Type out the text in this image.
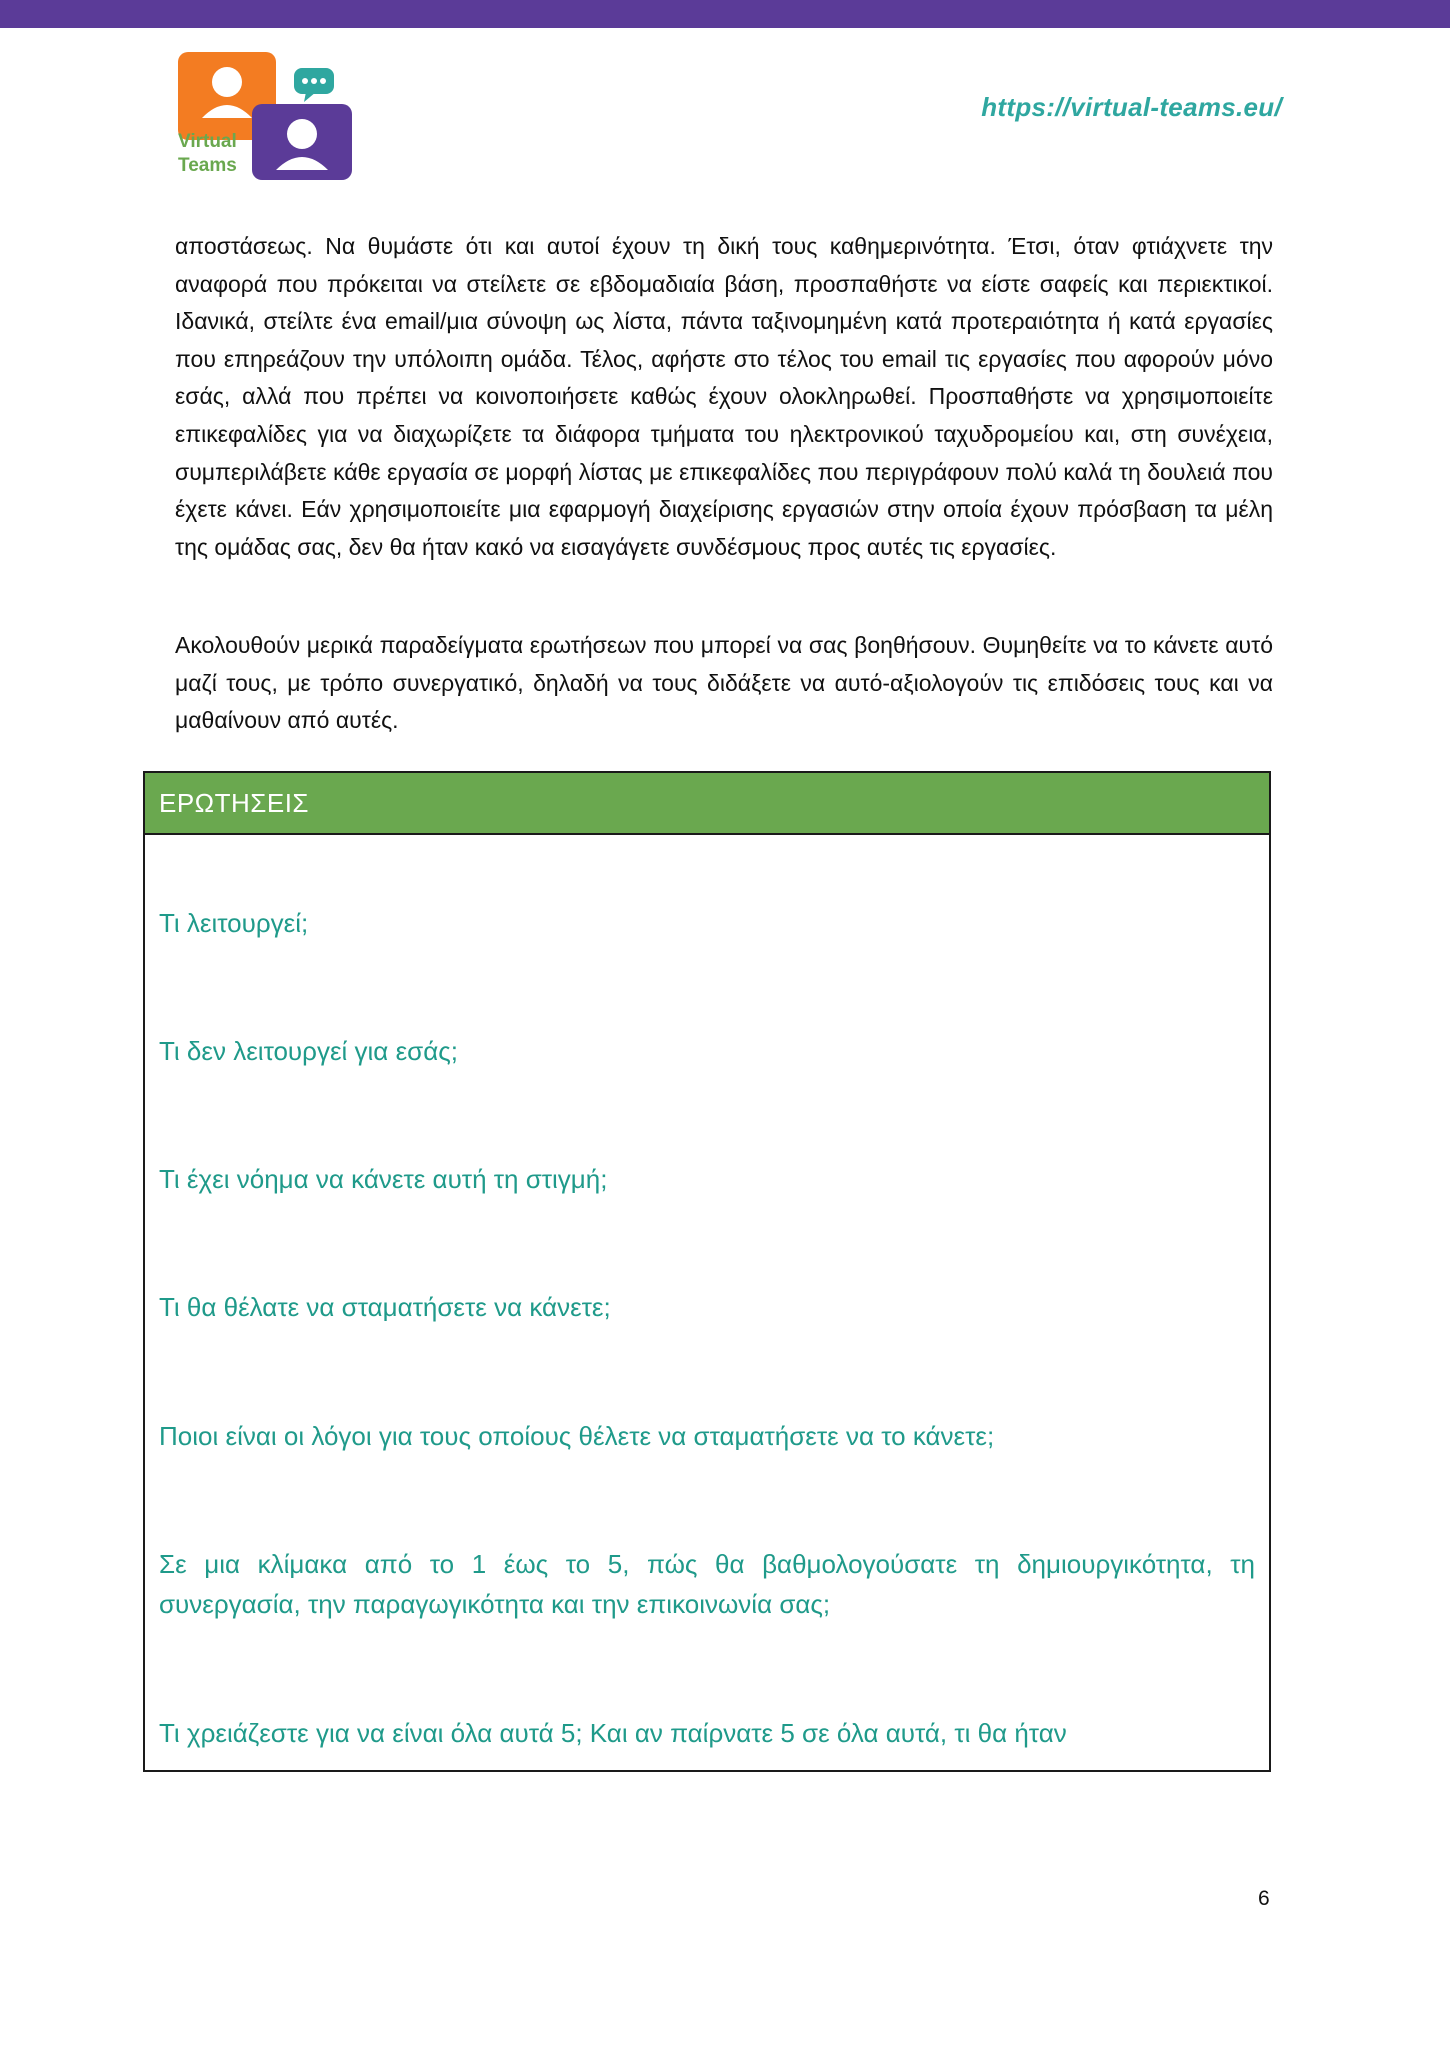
Virtual
Teams
https://virtual-teams.eu/

αποστάσεως. Να θυμάστε ότι και αυτοί έχουν τη δική τους καθημερινότητα. Έτσι, όταν φτιάχνετε την αναφορά που πρόκειται να στείλετε σε εβδομαδιαία βάση, προσπαθήστε να είστε σαφείς και περιεκτικοί. Ιδανικά, στείλτε ένα email/μια σύνοψη ως λίστα, πάντα ταξινομημένη κατά προτεραιότητα ή κατά εργασίες που επηρεάζουν την υπόλοιπη ομάδα. Τέλος, αφήστε στο τέλος του email τις εργασίες που αφορούν μόνο εσάς, αλλά που πρέπει να κοινοποιήσετε καθώς έχουν ολοκληρωθεί. Προσπαθήστε να χρησιμοποιείτε επικεφαλίδες για να διαχωρίζετε τα διάφορα τμήματα του ηλεκτρονικού ταχυδρομείου και, στη συνέχεια, συμπεριλάβετε κάθε εργασία σε μορφή λίστας με επικεφαλίδες που περιγράφουν πολύ καλά τη δουλειά που έχετε κάνει. Εάν χρησιμοποιείτε μια εφαρμογή διαχείρισης εργασιών στην οποία έχουν πρόσβαση τα μέλη της ομάδας σας, δεν θα ήταν κακό να εισαγάγετε συνδέσμους προς αυτές τις εργασίες.

Ακολουθούν μερικά παραδείγματα ερωτήσεων που μπορεί να σας βοηθήσουν. Θυμηθείτε να το κάνετε αυτό μαζί τους, με τρόπο συνεργατικό, δηλαδή να τους διδάξετε να αυτό-αξιολογούν τις επιδόσεις τους και να μαθαίνουν από αυτές.

ΕΡΩΤΗΣΕΙΣ

Τι λειτουργεί;

Τι δεν λειτουργεί για εσάς;

Τι έχει νόημα να κάνετε αυτή τη στιγμή;

Τι θα θέλατε να σταματήσετε να κάνετε;

Ποιοι είναι οι λόγοι για τους οποίους θέλετε να σταματήσετε να το κάνετε;

Σε μια κλίμακα από το 1 έως το 5, πώς θα βαθμολογούσατε τη δημιουργικότητα, τη συνεργασία, την παραγωγικότητα και την επικοινωνία σας;

Τι χρειάζεστε για να είναι όλα αυτά 5; Και αν παίρνατε 5 σε όλα αυτά, τι θα ήταν

6
